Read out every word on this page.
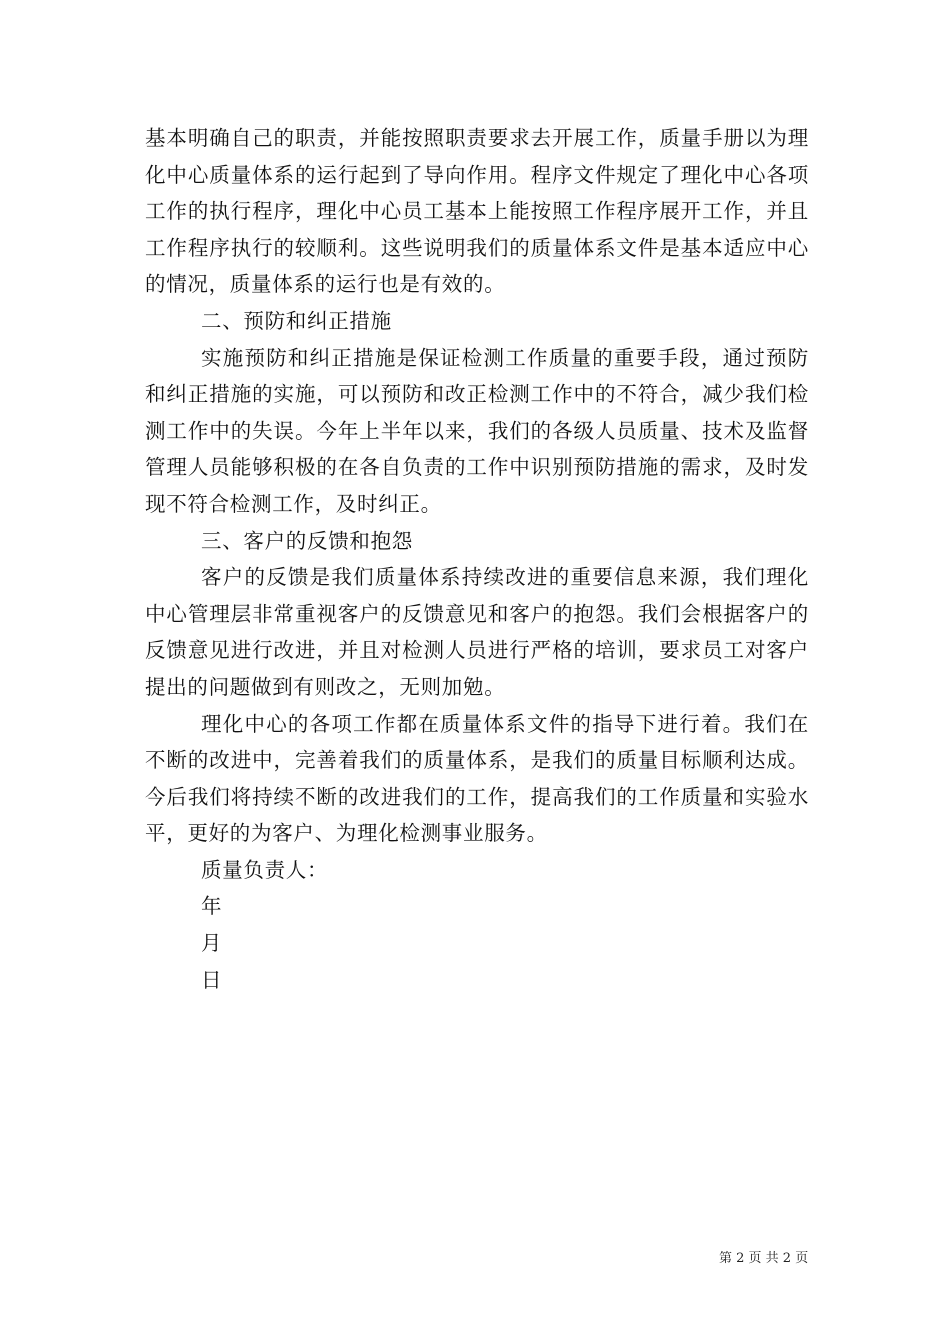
基本明确自己的职责，并能按照职责要求去开展工作，质量手册以为理化中心质量体系的运行起到了导向作用。程序文件规定了理化中心各项工作的执行程序，理化中心员工基本上能按照工作程序展开工作，并且工作程序执行的较顺利。这些说明我们的质量体系文件是基本适应中心的情况，质量体系的运行也是有效的。

二、预防和纠正措施

实施预防和纠正措施是保证检测工作质量的重要手段，通过预防和纠正措施的实施，可以预防和改正检测工作中的不符合，减少我们检测工作中的失误。今年上半年以来，我们的各级人员质量、技术及监督管理人员能够积极的在各自负责的工作中识别预防措施的需求，及时发现不符合检测工作，及时纠正。

三、客户的反馈和抱怨

客户的反馈是我们质量体系持续改进的重要信息来源，我们理化中心管理层非常重视客户的反馈意见和客户的抱怨。我们会根据客户的反馈意见进行改进，并且对检测人员进行严格的培训，要求员工对客户提出的问题做到有则改之，无则加勉。

理化中心的各项工作都在质量体系文件的指导下进行着。我们在不断的改进中，完善着我们的质量体系，是我们的质量目标顺利达成。今后我们将持续不断的改进我们的工作，提高我们的工作质量和实验水平，更好的为客户、为理化检测事业服务。

质量负责人：

年

月

日

第 2 页 共 2 页
